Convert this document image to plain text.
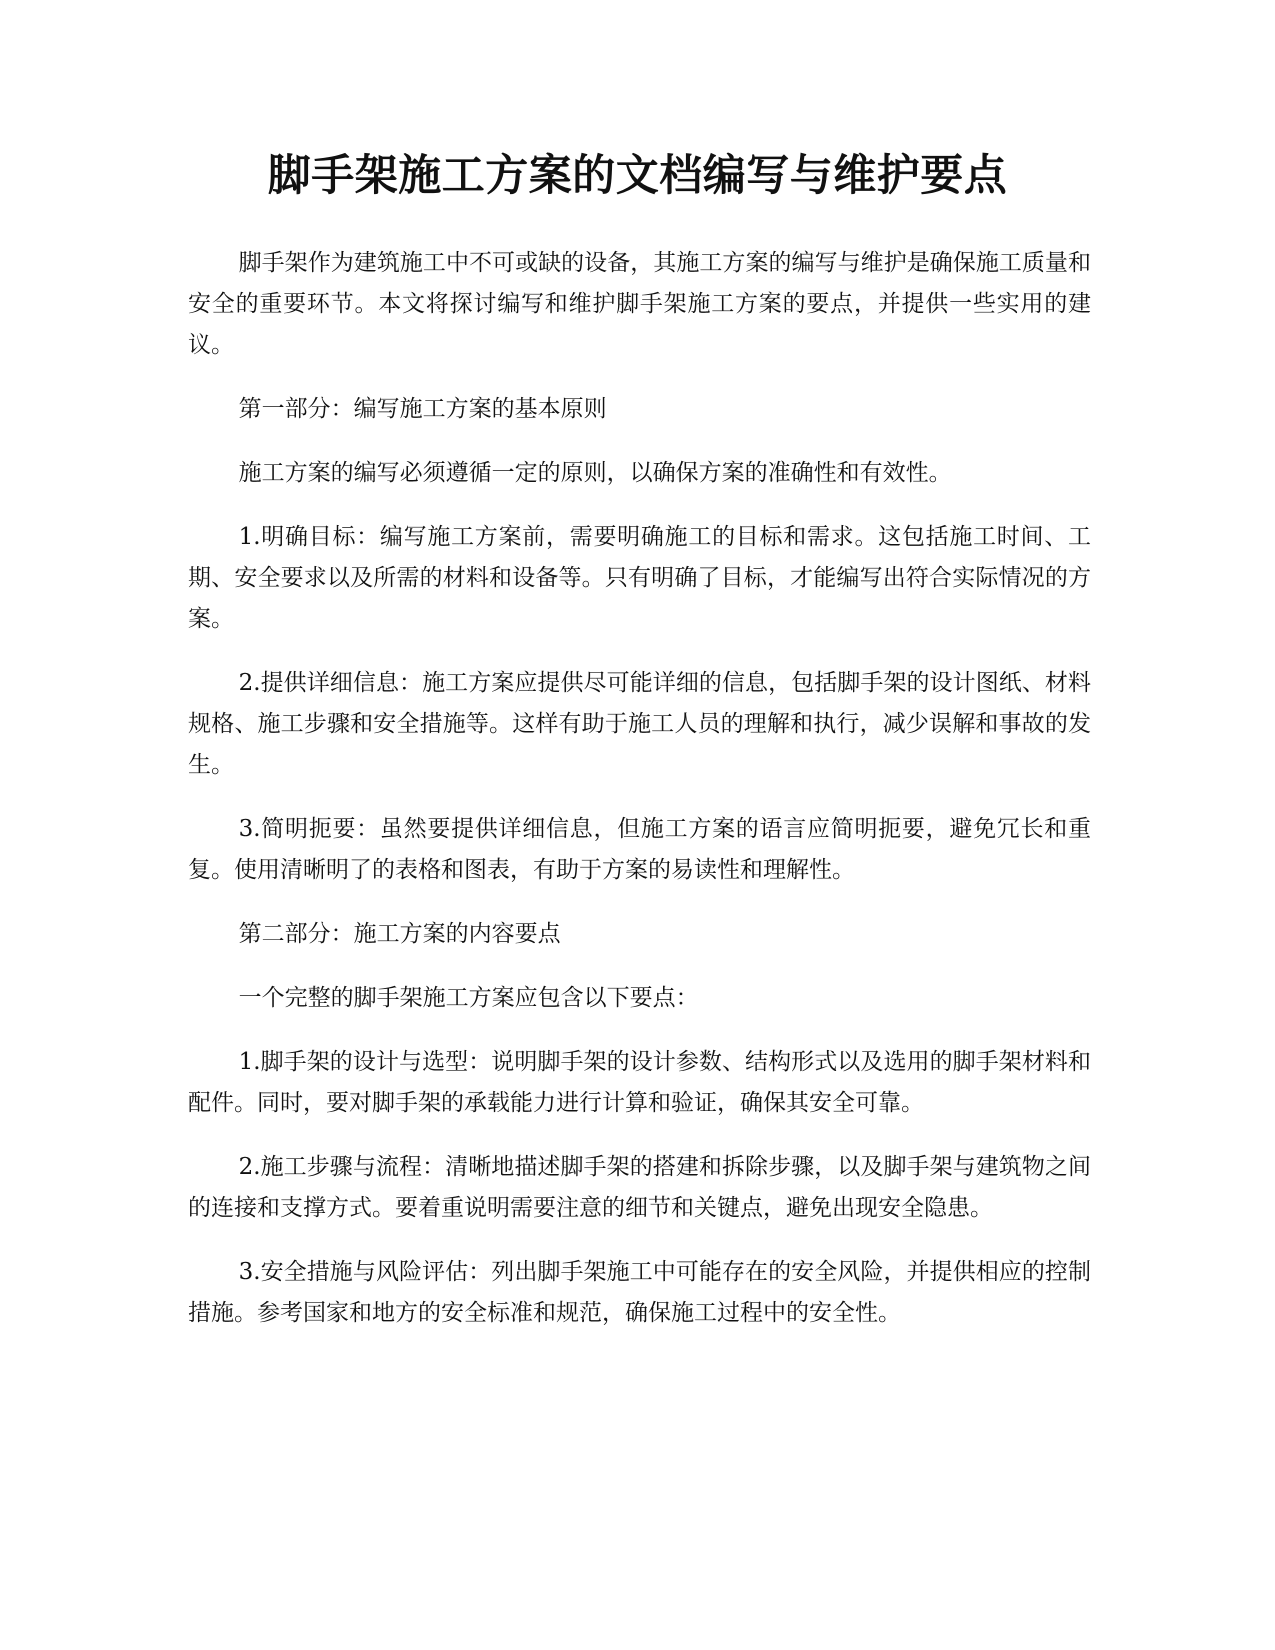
脚手架施工方案的文档编写与维护要点

脚手架作为建筑施工中不可或缺的设备，其施工方案的编写与维护是确保施工质量和安全的重要环节。本文将探讨编写和维护脚手架施工方案的要点，并提供一些实用的建议。

第一部分：编写施工方案的基本原则

施工方案的编写必须遵循一定的原则，以确保方案的准确性和有效性。

1.明确目标：编写施工方案前，需要明确施工的目标和需求。这包括施工时间、工期、安全要求以及所需的材料和设备等。只有明确了目标，才能编写出符合实际情况的方案。

2.提供详细信息：施工方案应提供尽可能详细的信息，包括脚手架的设计图纸、材料规格、施工步骤和安全措施等。这样有助于施工人员的理解和执行，减少误解和事故的发生。

3.简明扼要：虽然要提供详细信息，但施工方案的语言应简明扼要，避免冗长和重复。使用清晰明了的表格和图表，有助于方案的易读性和理解性。

第二部分：施工方案的内容要点

一个完整的脚手架施工方案应包含以下要点：

1.脚手架的设计与选型：说明脚手架的设计参数、结构形式以及选用的脚手架材料和配件。同时，要对脚手架的承载能力进行计算和验证，确保其安全可靠。

2.施工步骤与流程：清晰地描述脚手架的搭建和拆除步骤，以及脚手架与建筑物之间的连接和支撑方式。要着重说明需要注意的细节和关键点，避免出现安全隐患。

3.安全措施与风险评估：列出脚手架施工中可能存在的安全风险，并提供相应的控制措施。参考国家和地方的安全标准和规范，确保施工过程中的安全性。
